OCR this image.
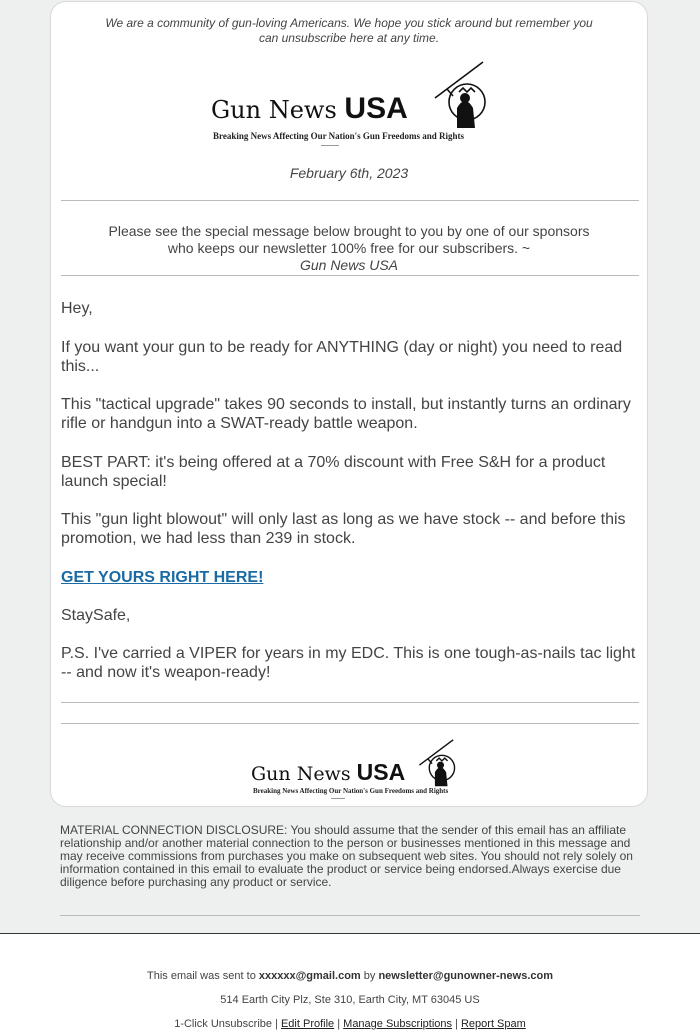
We are a community of gun-loving Americans. We hope you stick around but remember you
can unsubscribe here at any time.
Gun News USA
Breaking News Affecting Our Nation's Gun Freedoms and Rights
February 6th, 2023
Please see the special message below brought to you by one of our sponsors
who keeps our newsletter 100% free for our subscribers. ~
Gun News USA

Hey,

If you want your gun to be ready for ANYTHING (day or night) you need to read this...

This "tactical upgrade" takes 90 seconds to install, but instantly turns an ordinary rifle or handgun into a SWAT-ready battle weapon.

BEST PART: it's being offered at a 70% discount with Free S&H for a product launch special!

This "gun light blowout" will only last as long as we have stock -- and before this promotion, we had less than 239 in stock.

GET YOURS RIGHT HERE!

StaySafe,

P.S. I've carried a VIPER for years in my EDC. This is one tough-as-nails tac light -- and now it's weapon-ready!

Gun News USA
Breaking News Affecting Our Nation's Gun Freedoms and Rights
MATERIAL CONNECTION DISCLOSURE: You should assume that the sender of this email has an affiliate relationship and/or another material connection to the person or businesses mentioned in this message and may receive commissions from purchases you make on subsequent web sites. You should not rely solely on information contained in this email to evaluate the product or service being endorsed.Always exercise due diligence before purchasing any product or service.
This email was sent to xxxxxx@gmail.com by newsletter@gunowner-news.com
514 Earth City Plz, Ste 310, Earth City, MT 63045 US
1-Click Unsubscribe | Edit Profile | Manage Subscriptions | Report Spam
